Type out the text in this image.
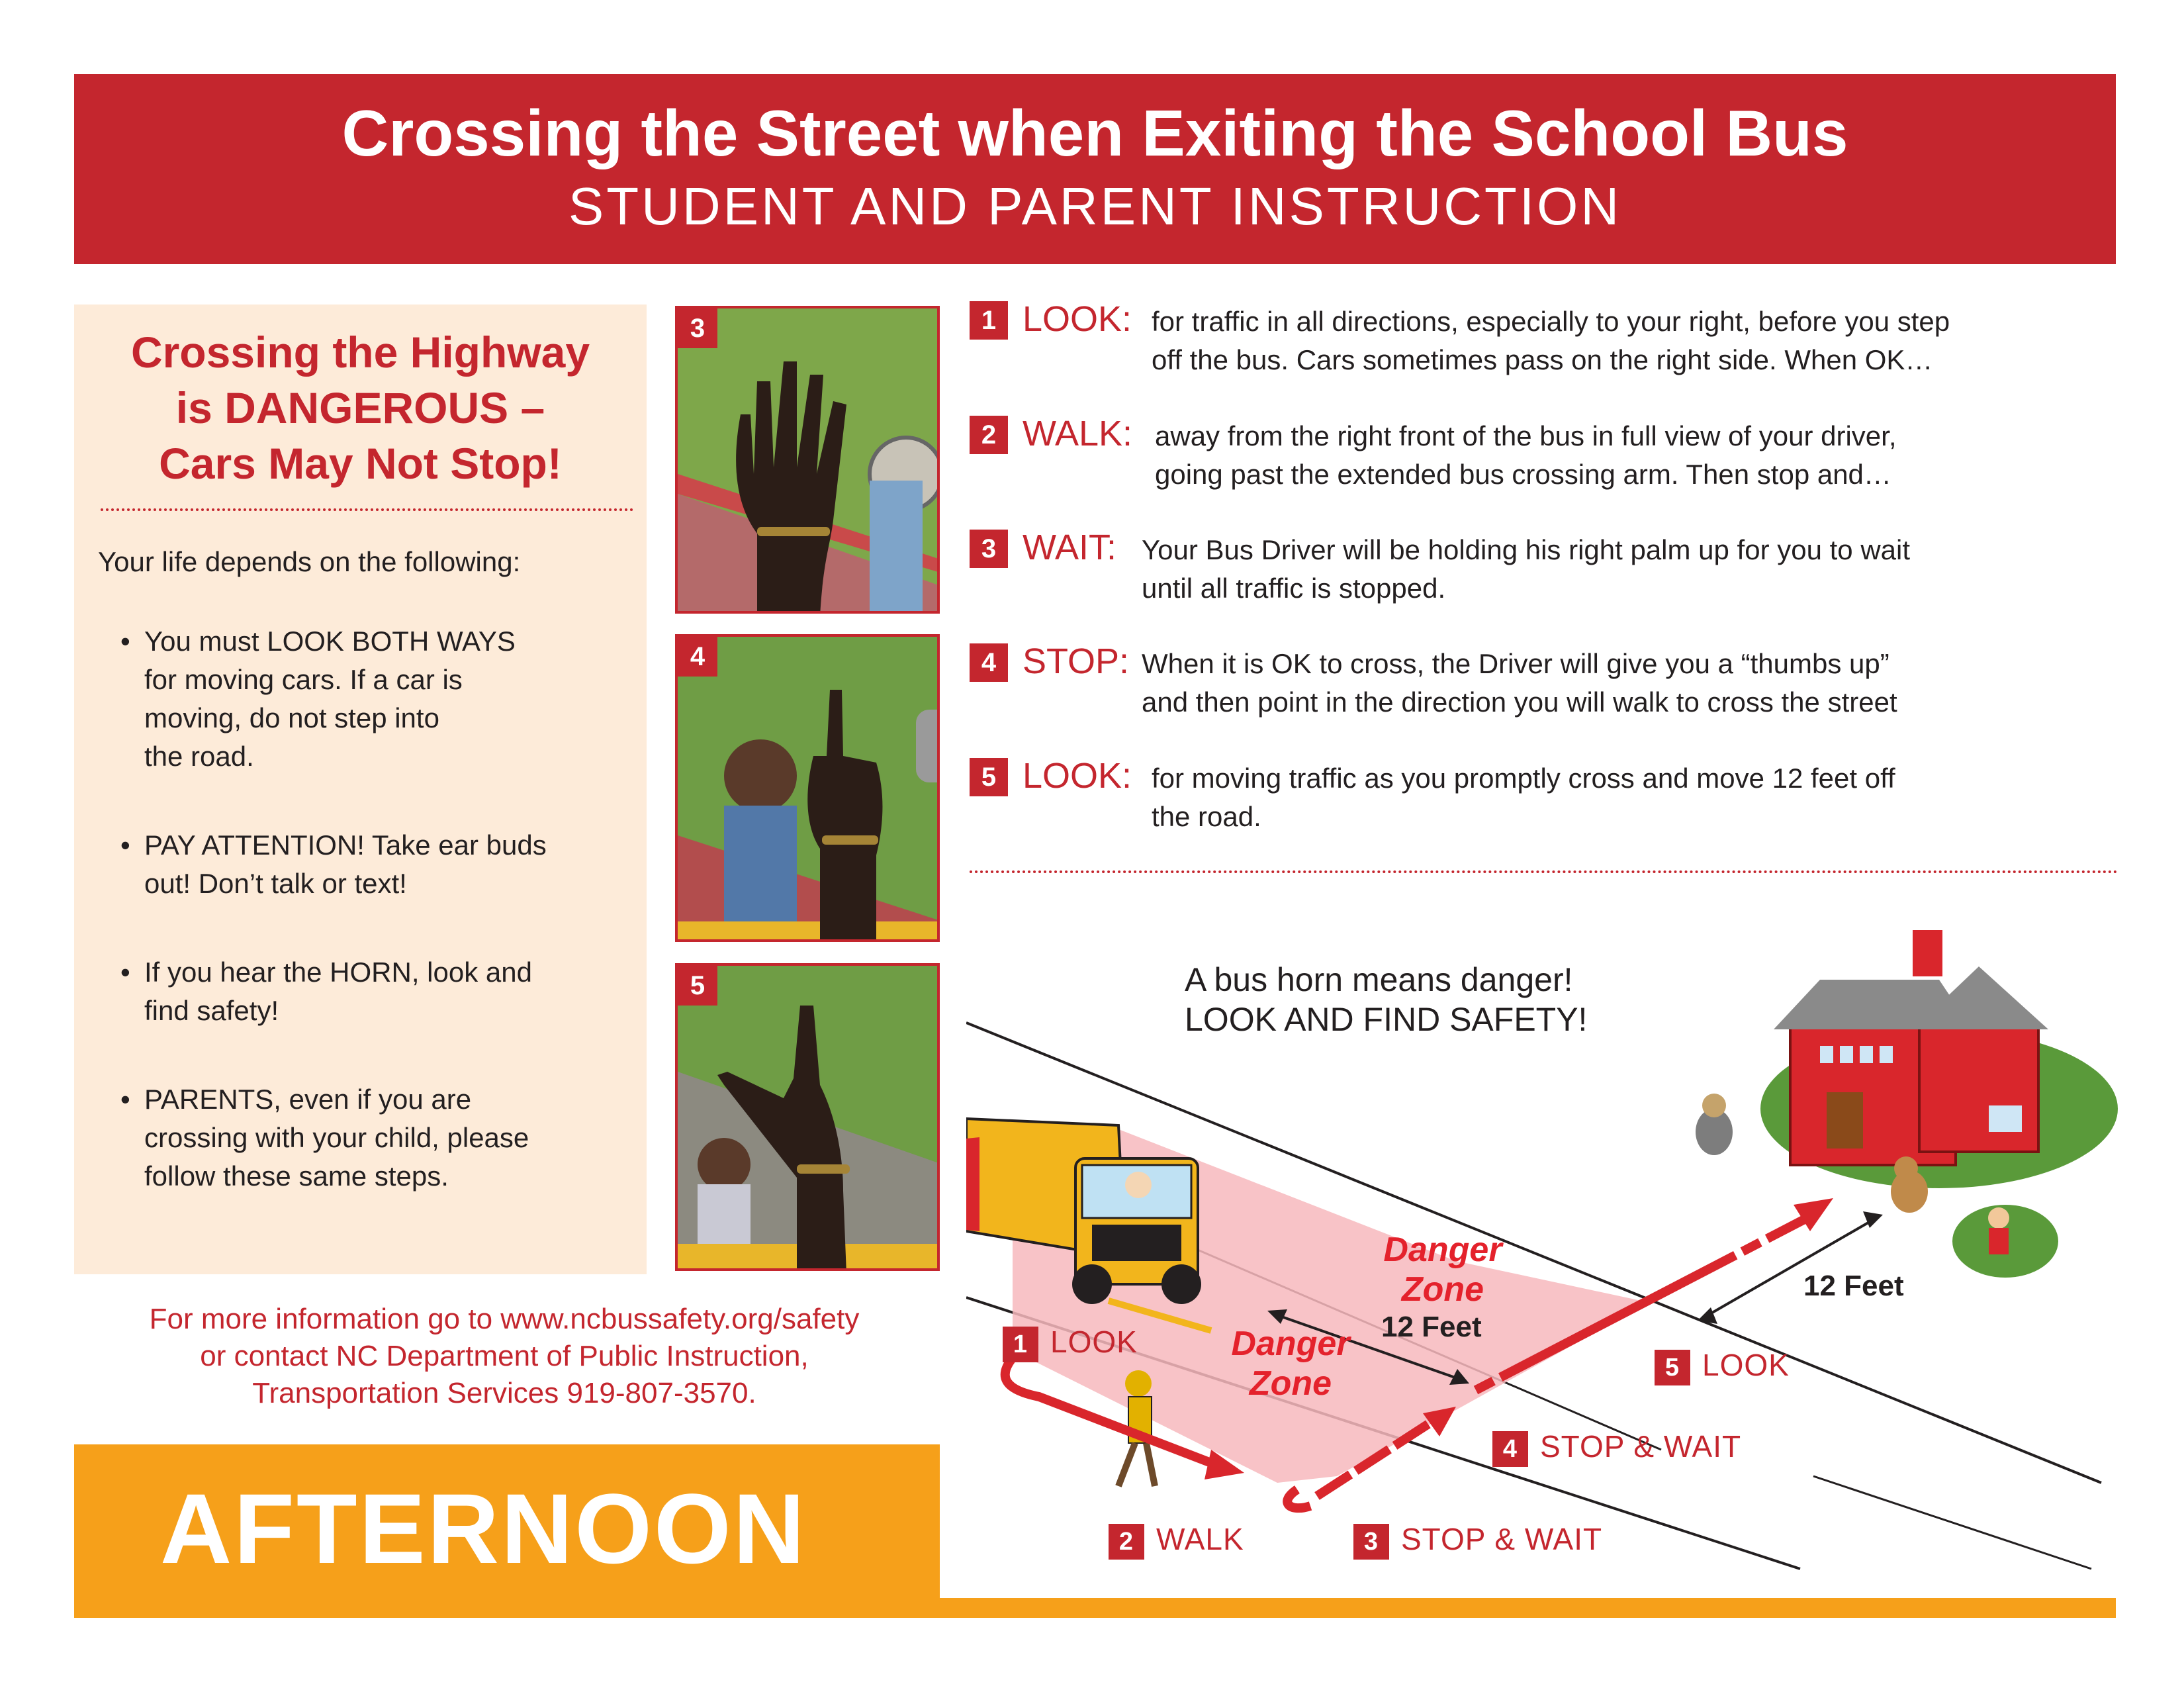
Crossing the Street when Exiting the School Bus
STUDENT AND PARENT INSTRUCTION
Crossing the Highway
is DANGEROUS –
Cars May Not Stop!
Your life depends on the following:
• You must LOOK BOTH WAYS
for moving cars. If a car is
moving, do not step into
the road.
• PAY ATTENTION! Take ear buds
out! Don’t talk or text!
• If you hear the HORN, look and
find safety!
• PARENTS, even if you are
crossing with your child, please
follow these same steps.
3
4
5
1 LOOK: for traffic in all directions, especially to your right, before you step
off the bus. Cars sometimes pass on the right side. When OK…
2 WALK: away from the right front of the bus in full view of your driver,
going past the extended bus crossing arm. Then stop and…
3 WAIT: Your Bus Driver will be holding his right palm up for you to wait
until all traffic is stopped.
4 STOP: When it is OK to cross, the Driver will give you a “thumbs up”
and then point in the direction you will walk to cross the street
5 LOOK: for moving traffic as you promptly cross and move 12 feet off
the road.
A bus horn means danger!
LOOK AND FIND SAFETY!
Danger
Zone
Danger
Zone
12 Feet
12 Feet
1 LOOK
2 WALK	3 STOP & WAIT
4 STOP & WAIT
5 LOOK
For more information go to www.ncbussafety.org/safety
or contact NC Department of Public Instruction,
Transportation Services 919-807-3570.
AFTERNOON
